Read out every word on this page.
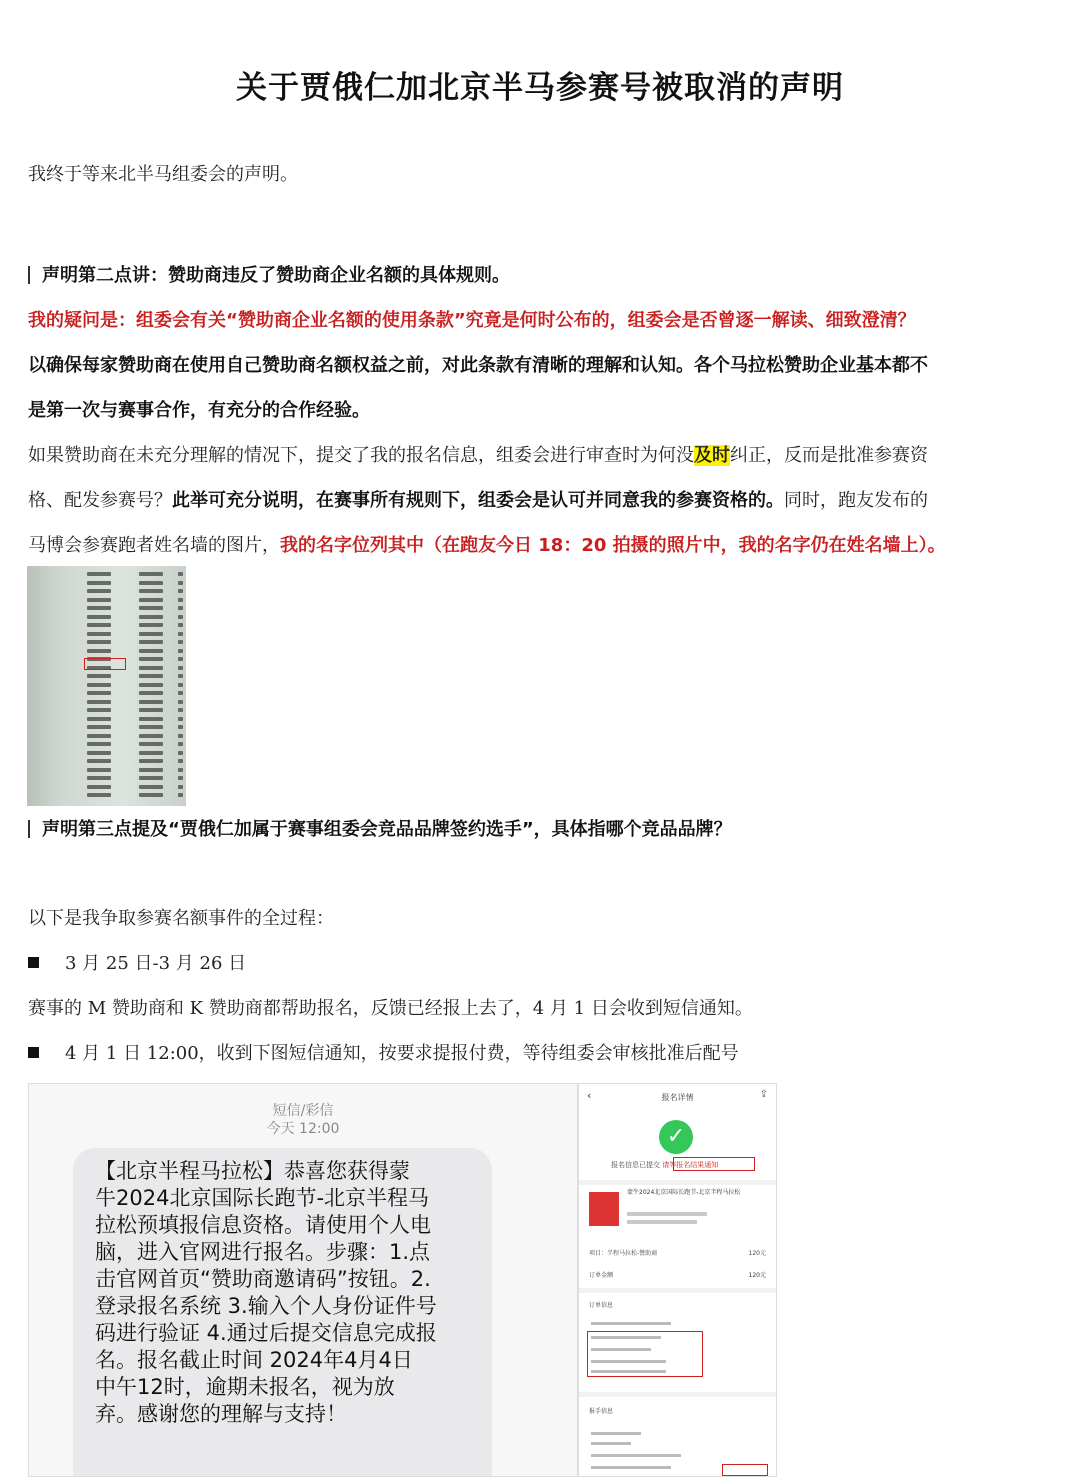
关于贾俄仁加北京半马参赛号被取消的声明
我终于等来北半马组委会的声明。
声明第二点讲：赞助商违反了赞助商企业名额的具体规则。
我的疑问是：组委会有关“赞助商企业名额的使用条款”究竟是何时公布的，组委会是否曾逐一解读、细致澄清？
以确保每家赞助商在使用自己赞助商名额权益之前，对此条款有清晰的理解和认知。各个马拉松赞助企业基本都不
是第一次与赛事合作，有充分的合作经验。
如果赞助商在未充分理解的情况下，提交了我的报名信息，组委会进行审查时为何没及时纠正，反而是批准参赛资
格、配发参赛号？此举可充分说明，在赛事所有规则下，组委会是认可并同意我的参赛资格的。同时，跑友发布的
马博会参赛跑者姓名墙的图片，我的名字位列其中（在跑友今日 18：20 拍摄的照片中，我的名字仍在姓名墙上）。
声明第三点提及“贾俄仁加属于赛事组委会竞品品牌签约选手”，具体指哪个竞品品牌？
以下是我争取参赛名额事件的全过程：
3 月 25 日-3 月 26 日
赛事的 M 赞助商和 K 赞助商都帮助报名，反馈已经报上去了，4 月 1 日会收到短信通知。
4 月 1 日 12:00，收到下图短信通知，按要求提报付费，等待组委会审核批准后配号
短信/彩信
今天 12:00
【北京半程马拉松】恭喜您获得蒙
牛2024北京国际长跑节-北京半程马
拉松预填报信息资格。请使用个人电
脑，进入官网进行报名。步骤：1.点
击官网首页“赞助商邀请码”按钮。2.
登录报名系统 3.输入个人身份证件号
码进行验证 4.通过后提交信息完成报
名。报名截止时间 2024年4月4日
中午12时，逾期未报名，视为放
弃。感谢您的理解与支持！
‹	报名详情	⇪
✓
报名信息已提交 请等报名结果通知
蒙牛2024北京国际长跑节-北京半程马拉松
项目：半程马拉松-赞助商	120元
订单金额	120元
订单信息
报手信息
